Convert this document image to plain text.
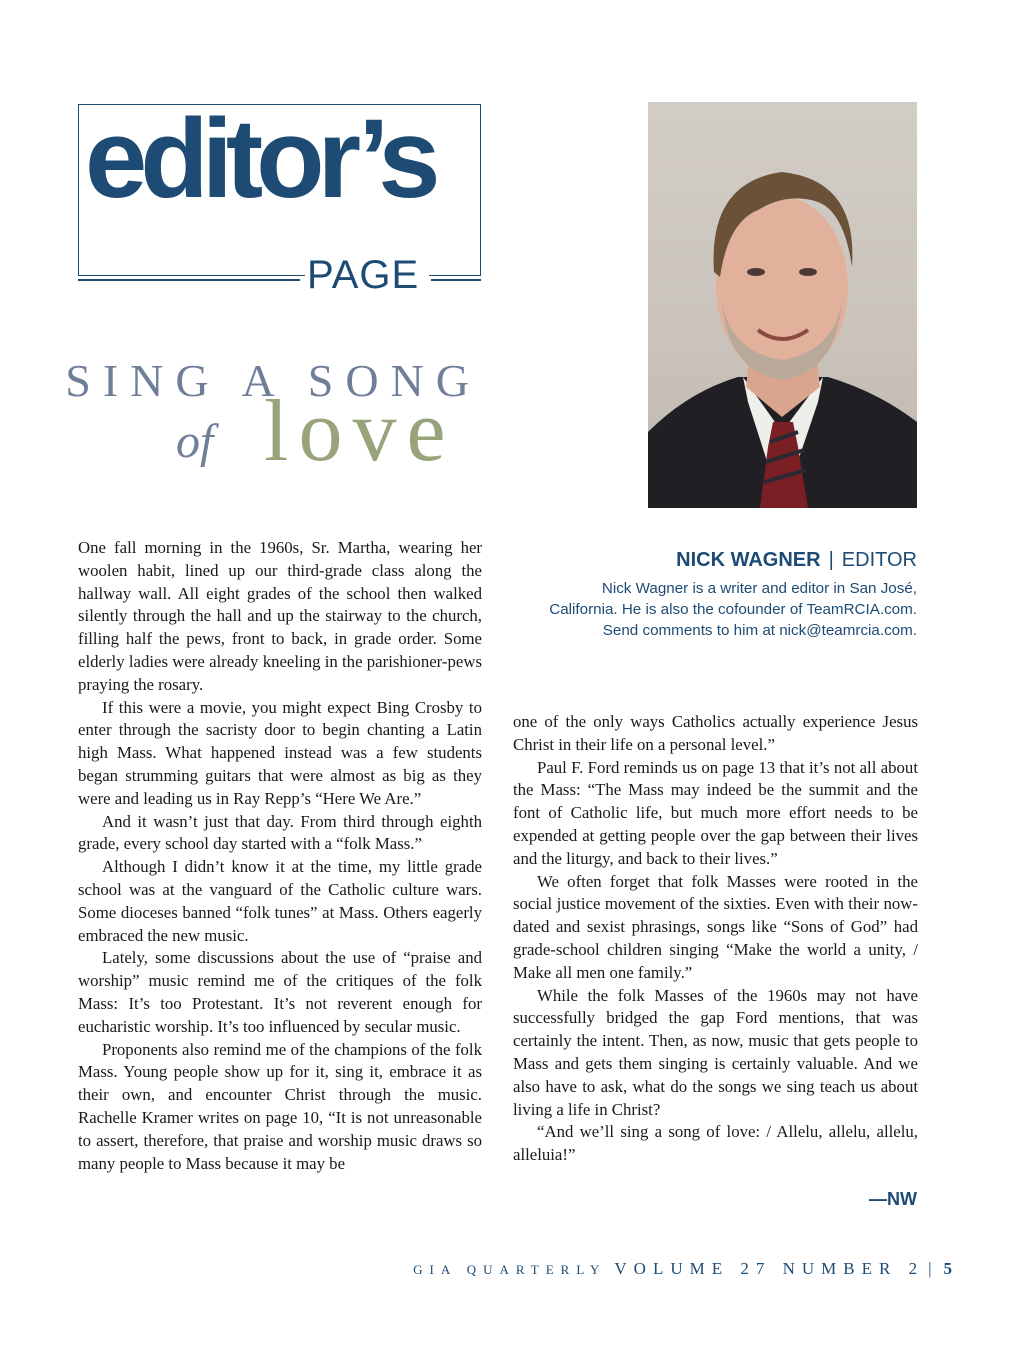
editor’s
PAGE
SING A SONG
of love
NICK WAGNER | EDITOR
Nick Wagner is a writer and editor in San José, California. He is also the cofounder of TeamRCIA.com. Send comments to him at nick@teamrcia.com.

One fall morning in the 1960s, Sr. Martha, wearing her woolen habit, lined up our third-grade class along the hallway wall. All eight grades of the school then walked silently through the hall and up the stairway to the church, filling half the pews, front to back, in grade order. Some elderly ladies were already kneeling in the parishioner-pews praying the rosary.

If this were a movie, you might expect Bing Crosby to enter through the sacristy door to begin chanting a Latin high Mass. What happened instead was a few students began strumming guitars that were almost as big as they were and leading us in Ray Repp’s “Here We Are.”

And it wasn’t just that day. From third through eighth grade, every school day started with a “folk Mass.”

Although I didn’t know it at the time, my little grade school was at the vanguard of the Catholic culture wars. Some dioceses banned “folk tunes” at Mass. Others eagerly embraced the new music.

Lately, some discussions about the use of “praise and worship” music remind me of the critiques of the folk Mass: It’s too Protestant. It’s not reverent enough for eucharistic worship. It’s too influenced by secular music.

Proponents also remind me of the champions of the folk Mass. Young people show up for it, sing it, embrace it as their own, and encounter Christ through the music. Rachelle Kramer writes on page 10, “It is not unreasonable to assert, therefore, that praise and worship music draws so many people to Mass because it may be

one of the only ways Catholics actually experience Jesus Christ in their life on a personal level.”

Paul F. Ford reminds us on page 13 that it’s not all about the Mass: “The Mass may indeed be the summit and the font of Catholic life, but much more effort needs to be expended at getting people over the gap between their lives and the liturgy, and back to their lives.”

We often forget that folk Masses were rooted in the social justice movement of the sixties. Even with their now-dated and sexist phrasings, songs like “Sons of God” had grade-school children singing “Make the world a unity, / Make all men one family.”

While the folk Masses of the 1960s may not have successfully bridged the gap Ford mentions, that was certainly the intent. Then, as now, music that gets people to Mass and gets them singing is certainly valuable. And we also have to ask, what do the songs we sing teach us about living a life in Christ?

“And we’ll sing a song of love: / Allelu, allelu, allelu, alleluia!”

—NW
GIA QUARTERLY VOLUME 27 NUMBER 2 | 5
